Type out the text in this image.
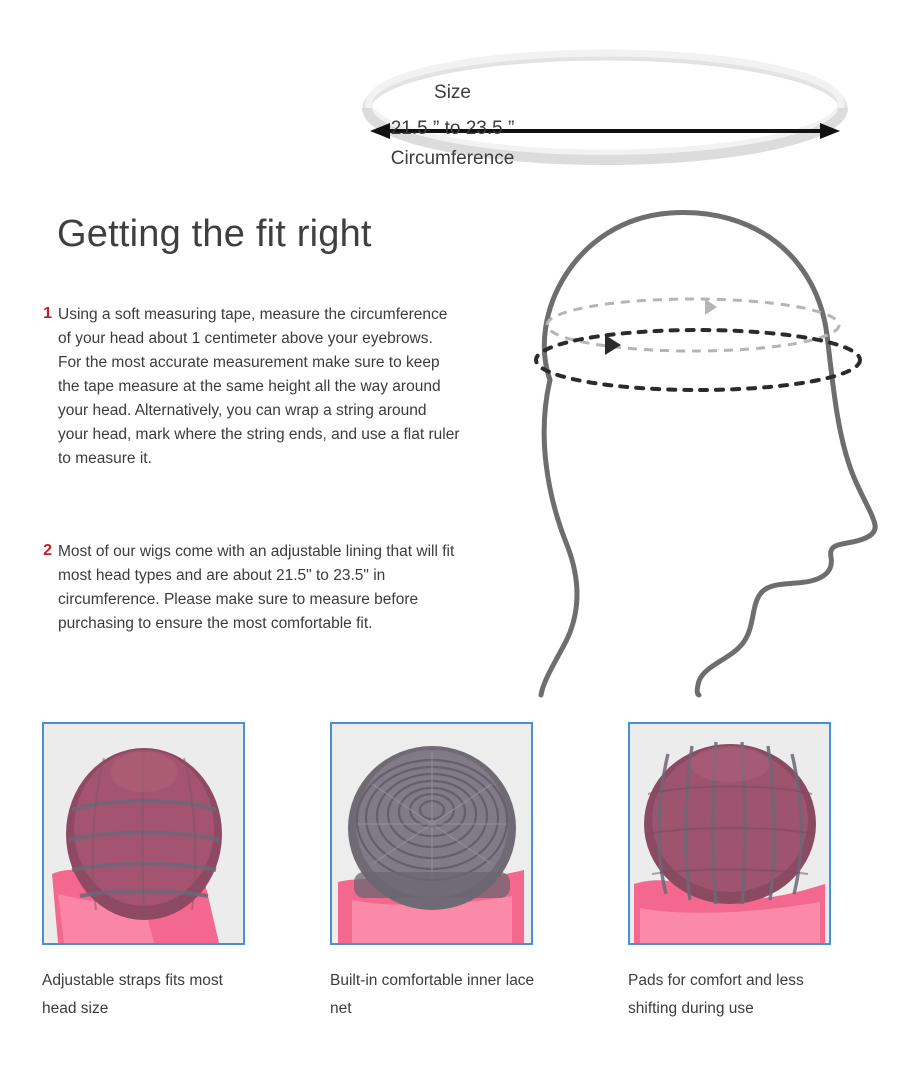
Size
21.5 ” to 23.5 ”
Circumference
Getting the fit right
1 Using a soft measuring tape, measure the circumference of your head about 1 centimeter above your eyebrows. For the most accurate measurement make sure to keep the tape measure at the same height all the way around your head. Alternatively, you can wrap a string around your head, mark where the string ends, and use a flat ruler to measure it.
2 Most of our wigs come with an adjustable lining that will fit most head types and are about 21.5" to 23.5" in circumference. Please make sure to measure before purchasing to ensure the most comfortable fit.
Adjustable straps fits most head size
Built-in comfortable inner lace net
Pads for comfort and less shifting during use
